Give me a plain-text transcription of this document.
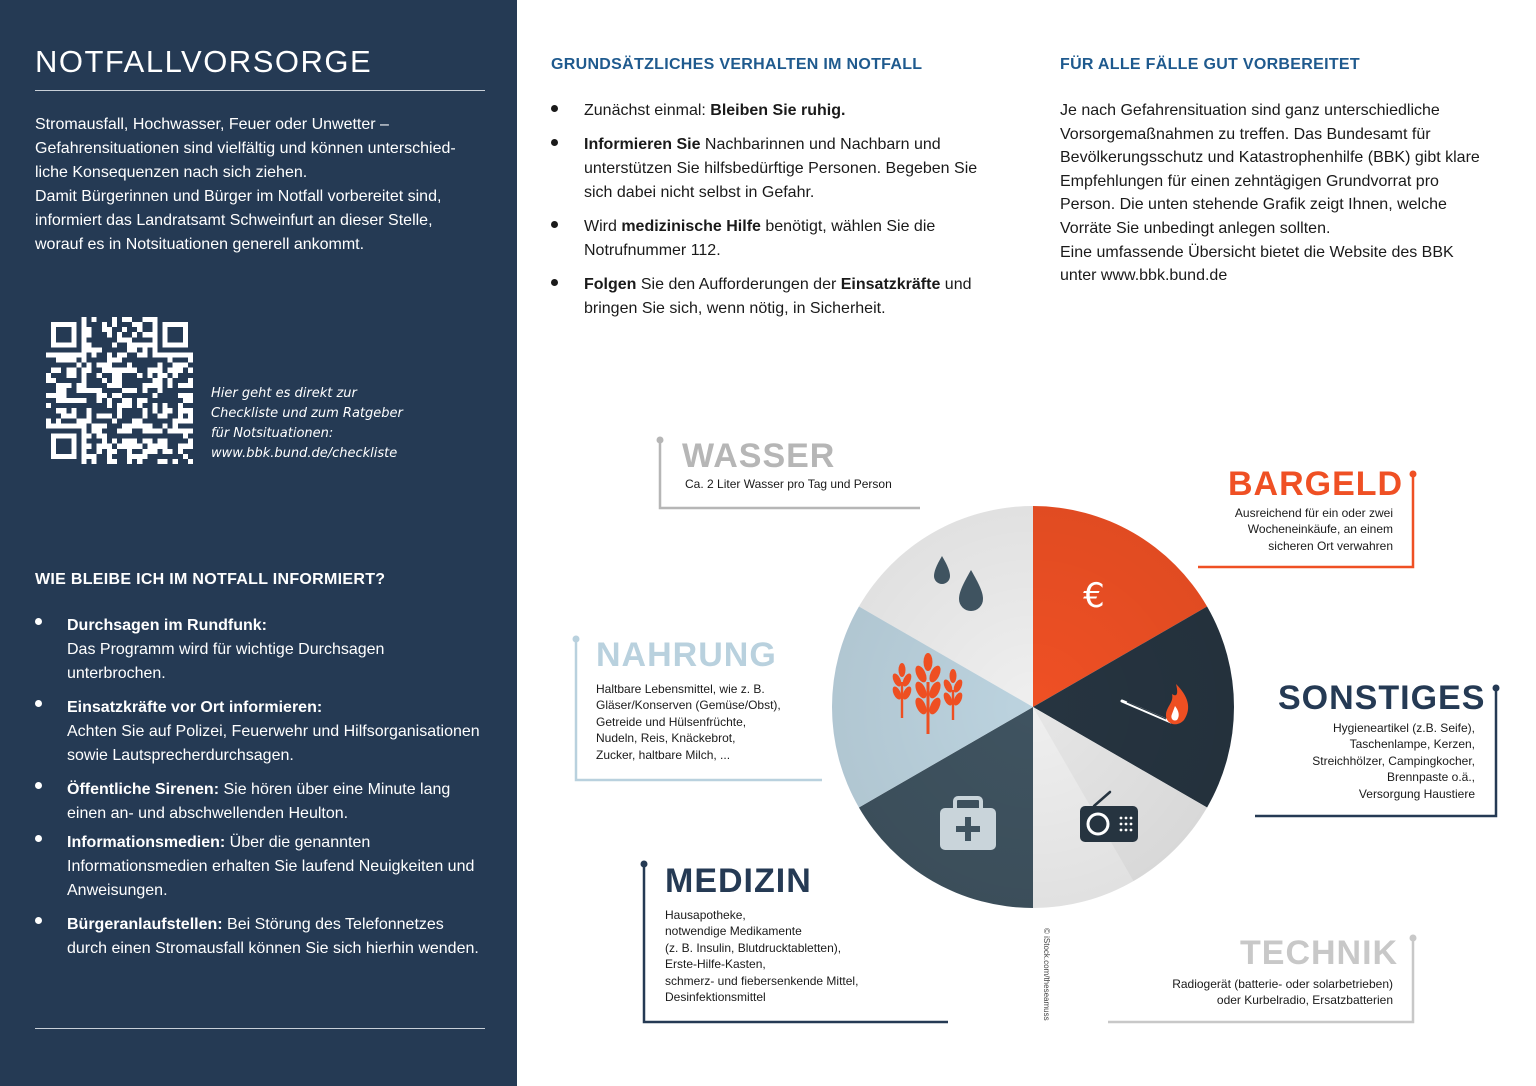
NOTFALLVORSORGE

Stromausfall, Hochwasser, Feuer oder Unwetter – Gefahrensituationen sind vielfältig und können unterschied-liche Konsequenzen nach sich ziehen.

Damit Bürgerinnen und Bürger im Notfall vorbereitet sind, informiert das Landratsamt Schweinfurt an dieser Stelle, worauf es in Notsituationen generell ankommt.

Hier geht es direkt zur
Checkliste und zum Ratgeber
für Notsituationen:
www.bbk.bund.de/checkliste
WIE BLEIBE ICH IM NOTFALL INFORMIERT?
Durchsagen im Rundfunk:
Das Programm wird für wichtige Durchsagen unterbrochen.
Einsatzkräfte vor Ort informieren:
Achten Sie auf Polizei, Feuerwehr und Hilfsorganisationen sowie Lautsprecherdurchsagen.
Öffentliche Sirenen: Sie hören über eine Minute lang einen an- und abschwellenden Heulton.
Informationsmedien: Über die genannten Informationsmedien erhalten Sie laufend Neuigkeiten und Anweisungen.
Bürgeranlaufstellen: Bei Störung des Telefonnetzes durch einen Stromausfall können Sie sich hierhin wenden.
GRUNDSÄTZLICHES VERHALTEN IM NOTFALL
Zunächst einmal: Bleiben Sie ruhig.
Informieren Sie Nachbarinnen und Nachbarn und unterstützen Sie hilfsbedürftige Personen. Begeben Sie sich dabei nicht selbst in Gefahr.
Wird medizinische Hilfe benötigt, wählen Sie die Notrufnummer 112.
Folgen Sie den Aufforderungen der Einsatzkräfte und bringen Sie sich, wenn nötig, in Sicherheit.
FÜR ALLE FÄLLE GUT VORBEREITET

Je nach Gefahrensituation sind ganz unterschiedliche Vorsorgemaßnahmen zu treffen. Das Bundesamt für Bevölkerungsschutz und Katastrophenhilfe (BBK) gibt klare Empfehlungen für einen zehntägigen Grundvorrat pro Person. Die unten stehende Grafik zeigt Ihnen, welche Vorräte Sie unbedingt anlegen sollten.

Eine umfassende Übersicht bietet die Website des BBK unter www.bbk.bund.de

€
WASSER
Ca. 2 Liter Wasser pro Tag und Person	BARGELD
Ausreichend für ein oder zwei
Wocheneinkäufe, an einem
sicheren Ort verwahren
NAHRUNG
Haltbare Lebensmittel, wie z. B.
Gläser/Konserven (Gemüse/Obst),
Getreide und Hülsenfrüchte,
Nudeln, Reis, Knäckebrot,
Zucker, haltbare Milch, ...
SONSTIGES
Hygieneartikel (z.B. Seife),
Taschenlampe, Kerzen,
Streichhölzer, Campingkocher,
Brennpaste o.ä.,
Versorgung Haustiere
MEDIZIN
Hausapotheke,
notwendige Medikamente
(z. B. Insulin, Blutdrucktabletten),
Erste-Hilfe-Kasten,
schmerz- und fiebersenkende Mittel,
Desinfektionsmittel
TECHNIK
Radiogerät (batterie- oder solarbetrieben)
oder Kurbelradio, Ersatzbatterien
© iStock.com/theseamuss
